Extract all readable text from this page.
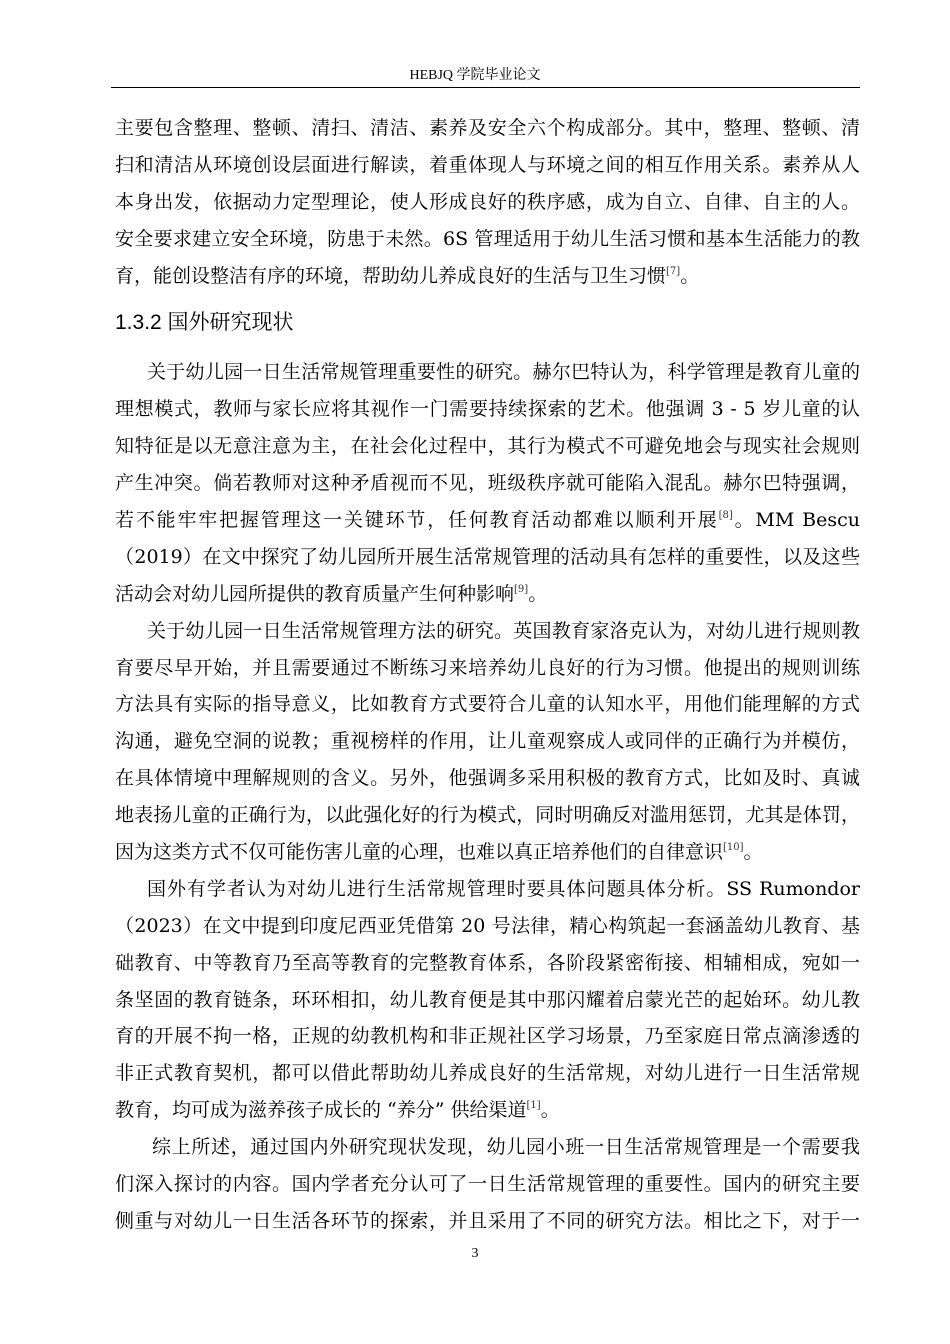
HEBJQ 学院毕业论文
主要包含整理、整顿、清扫、清洁、素养及安全六个构成部分。其中，整理、整顿、清
扫和清洁从环境创设层面进行解读，着重体现人与环境之间的相互作用关系。素养从人
本身出发，依据动力定型理论，使人形成良好的秩序感，成为自立、自律、自主的人。
安全要求建立安全环境，防患于未然。6S 管理适用于幼儿生活习惯和基本生活能力的教
育，能创设整洁有序的环境，帮助幼儿养成良好的生活与卫生习惯[7]。
1.3.2 国外研究现状
关于幼儿园一日生活常规管理重要性的研究。赫尔巴特认为，科学管理是教育儿童的
理想模式，教师与家长应将其视作一门需要持续探索的艺术。他强调 3 - 5 岁儿童的认
知特征是以无意注意为主，在社会化过程中，其行为模式不可避免地会与现实社会规则
产生冲突。倘若教师对这种矛盾视而不见，班级秩序就可能陷入混乱。赫尔巴特强调，
若不能牢牢把握管理这一关键环节，任何教育活动都难以顺利开展[8]。MM Bescu
（2019）在文中探究了幼儿园所开展生活常规管理的活动具有怎样的重要性，以及这些
活动会对幼儿园所提供的教育质量产生何种影响[9]。
关于幼儿园一日生活常规管理方法的研究。英国教育家洛克认为，对幼儿进行规则教
育要尽早开始，并且需要通过不断练习来培养幼儿良好的行为习惯。他提出的规则训练
方法具有实际的指导意义，比如教育方式要符合儿童的认知水平，用他们能理解的方式
沟通，避免空洞的说教；重视榜样的作用，让儿童观察成人或同伴的正确行为并模仿，
在具体情境中理解规则的含义。另外，他强调多采用积极的教育方式，比如及时、真诚
地表扬儿童的正确行为，以此强化好的行为模式，同时明确反对滥用惩罚，尤其是体罚，
因为这类方式不仅可能伤害儿童的心理，也难以真正培养他们的自律意识[10]。
国外有学者认为对幼儿进行生活常规管理时要具体问题具体分析。SS Rumondor
（2023）在文中提到印度尼西亚凭借第 20 号法律，精心构筑起一套涵盖幼儿教育、基
础教育、中等教育乃至高等教育的完整教育体系，各阶段紧密衔接、相辅相成，宛如一
条坚固的教育链条，环环相扣，幼儿教育便是其中那闪耀着启蒙光芒的起始环。幼儿教
育的开展不拘一格，正规的幼教机构和非正规社区学习场景，乃至家庭日常点滴渗透的
非正式教育契机，都可以借此帮助幼儿养成良好的生活常规，对幼儿进行一日生活常规
教育，均可成为滋养孩子成长的 “养分” 供给渠道[1]。
综上所述，通过国内外研究现状发现，幼儿园小班一日生活常规管理是一个需要我
们深入探讨的内容。国内学者充分认可了一日生活常规管理的重要性。国内的研究主要
侧重与对幼儿一日生活各环节的探索，并且采用了不同的研究方法。相比之下，对于一
3
